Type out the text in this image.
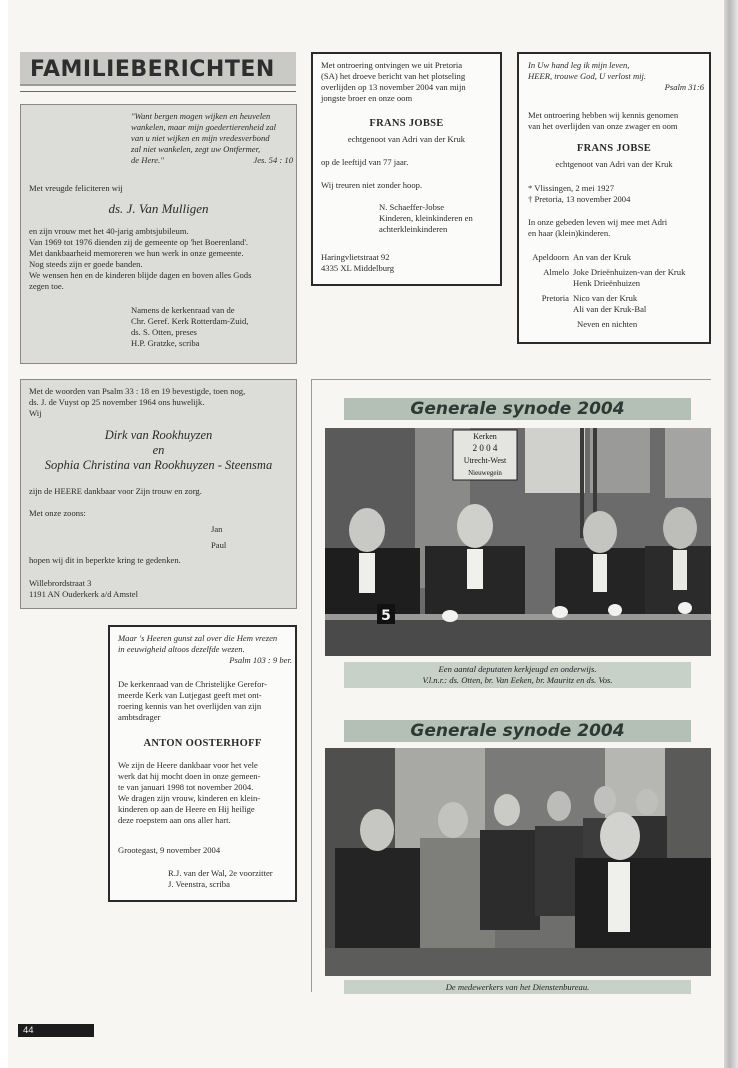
FAMILIEBERICHTEN
"Want bergen mogen wijken en heuvelen
wankelen, maar mijn goedertierenheid zal
van u niet wijken en mijn vredesverbond
zal niet wankelen, zegt uw Ontfermer,
de Here."	Jes. 54 : 10
Met vreugde feliciteren wij
ds. J. Van Mulligen
en zijn vrouw met het 40-jarig ambtsjubileum.
Van 1969 tot 1976 dienden zij de gemeente op 'het Boerenland'.
Met dankbaarheid memoreren we hun werk in onze gemeente.
Nog steeds zijn er goede banden.
We wensen hen en de kinderen blijde dagen en boven alles Gods
zegen toe.
Namens de kerkenraad van de
Chr. Geref. Kerk Rotterdam-Zuid,
ds. S. Otten, preses
H.P. Gratzke, scriba
Met ontroering ontvingen we uit Pretoria
(SA) het droeve bericht van het plotseling
overlijden op 13 november 2004 van mijn
jongste broer en onze oom
FRANS JOBSE
echtgenoot van Adri van der Kruk
op de leeftijd van 77 jaar.
Wij treuren niet zonder hoop.
N. Schaeffer-Jobse
Kinderen, kleinkinderen en
achterkleinkinderen
Haringvlietstraat 92
4335 XL Middelburg
In Uw hand leg ik mijn leven,
HEER, trouwe God, U verlost mij.
Psalm 31:6
Met ontroering hebben wij kennis genomen
van het overlijden van onze zwager en oom
FRANS JOBSE
echtgenoot van Adri van der Kruk
* Vlissingen, 2 mei 1927
† Pretoria, 13 november 2004
In onze gebeden leven wij mee met Adri
en haar (klein)kinderen.
Apeldoorn An van der Kruk
Almelo Joke Drieënhuizen-van der Kruk
Henk Drieënhuizen
Pretoria Nico van der Kruk
Ali van der Kruk-Bal
Neven en nichten
Met de woorden van Psalm 33 : 18 en 19 bevestigde, toen nog,
ds. J. de Vuyst op 25 november 1964 ons huwelijk.
Wij
Dirk van Rookhuyzen
en
Sophia Christina van Rookhuyzen - Steensma
zijn de HEERE dankbaar voor Zijn trouw en zorg.
Met onze zoons:
Jan
Paul
hopen wij dit in beperkte kring te gedenken.
Willebrordstraat 3
1191 AN Ouderkerk a/d Amstel
Maar 's Heeren gunst zal over die Hem vrezen
in eeuwigheid altoos dezelfde wezen.
Psalm 103 : 9 ber.
De kerkenraad van de Christelijke Gerefor-
meerde Kerk van Lutjegast geeft met ont-
roering kennis van het overlijden van zijn
ambtsdrager
ANTON OOSTERHOFF
We zijn de Heere dankbaar voor het vele
werk dat hij mocht doen in onze gemeen-
te van januari 1998 tot november 2004.
We dragen zijn vrouw, kinderen en klein-
kinderen op aan de Heere en Hij heilige
deze roepstem aan ons aller hart.
Grootegast, 9 november 2004
R.J. van der Wal, 2e voorzitter
J. Veenstra, scriba
Generale synode 2004
Kerken
2 0 0 4
Utrecht-West
Nieuwegein
5
Een aantal deputaten kerkjeugd en onderwijs.
V.l.n.r.: ds. Otten, br. Van Eeken, br. Mauritz en ds. Vos.
Generale synode 2004
De medewerkers van het Dienstenbureau.
44
